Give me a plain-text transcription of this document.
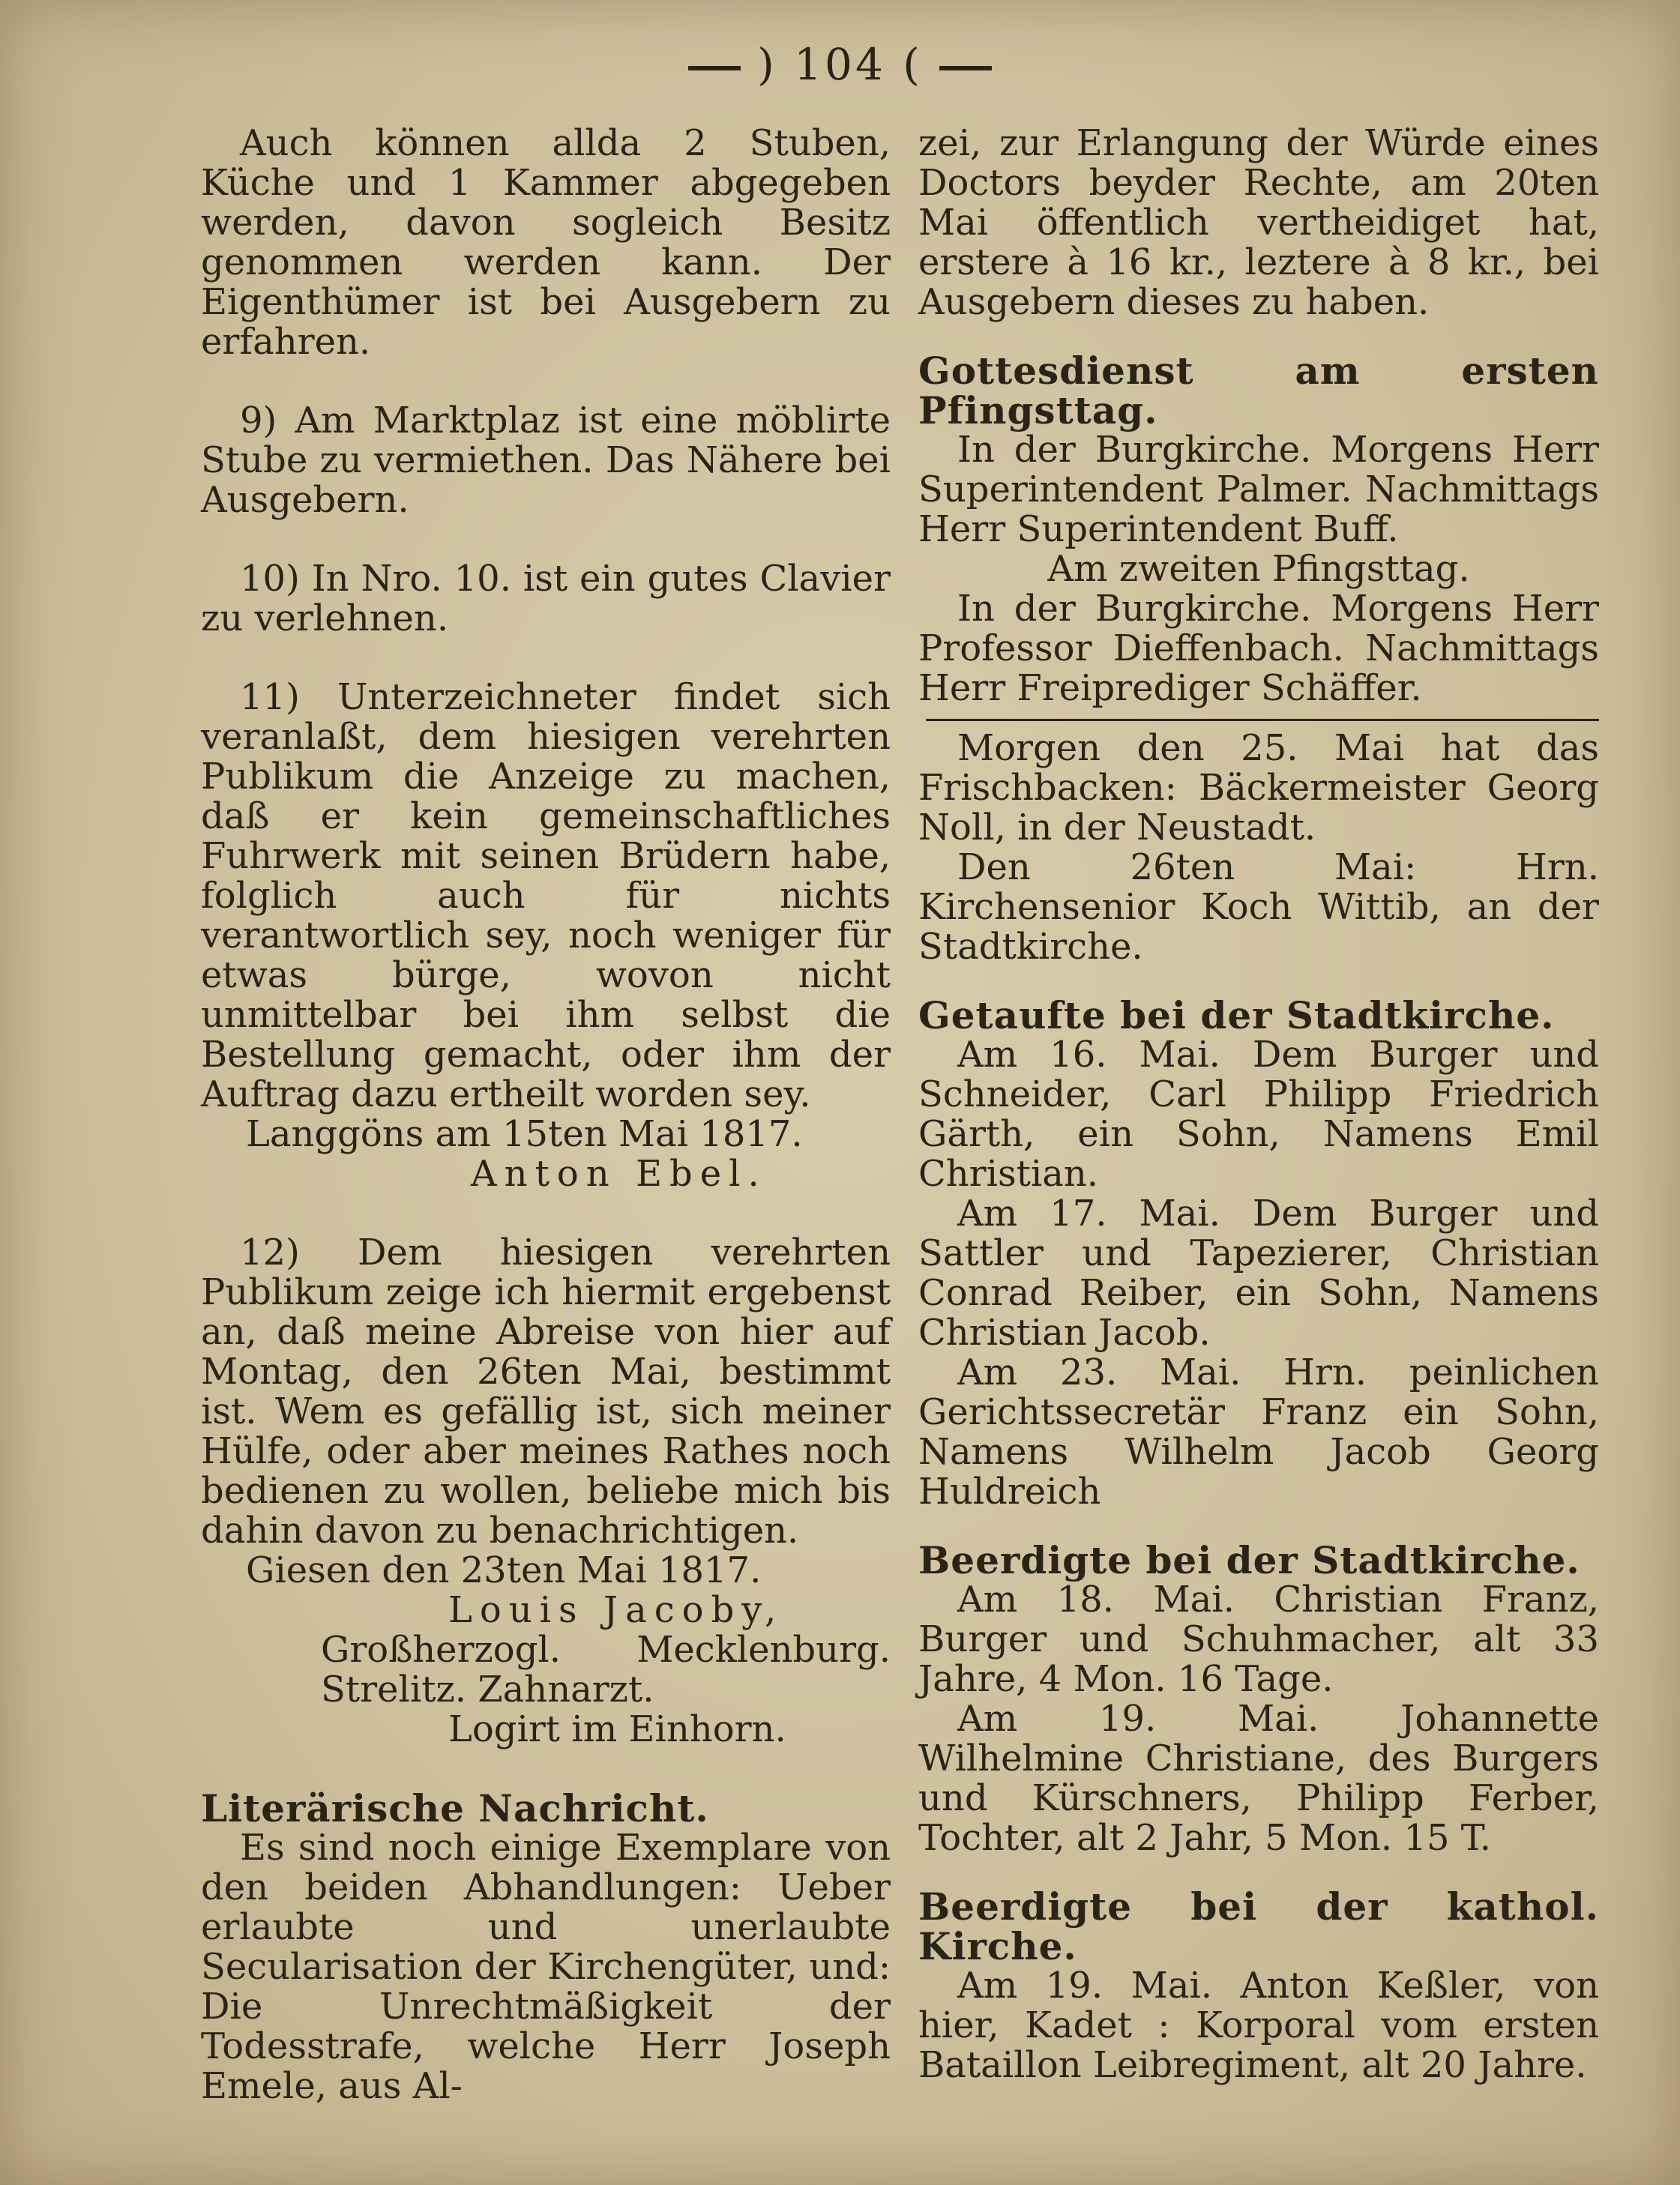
) 104 (

Auch können allda 2 Stuben, Küche und 1 Kammer abgegeben werden, davon sogleich Besitz genommen werden kann. Der Eigenthümer ist bei Ausgebern zu erfahren.

9) Am Marktplaz ist eine möblirte Stube zu vermiethen. Das Nähere bei Ausgebern.

10) In Nro. 10. ist ein gutes Clavier zu verlehnen.

11) Unterzeichneter findet sich veranlaßt, dem hiesigen verehrten Publikum die Anzeige zu machen, daß er kein gemeinschaftliches Fuhrwerk mit seinen Brüdern habe, folglich auch für nichts verantwortlich sey, noch weniger für etwas bürge, wovon nicht unmittelbar bei ihm selbst die Bestellung gemacht, oder ihm der Auftrag dazu ertheilt worden sey.

Langgöns am 15ten Mai 1817.

Anton Ebel.

12) Dem hiesigen verehrten Publikum zeige ich hiermit ergebenst an, daß meine Abreise von hier auf Montag, den 26ten Mai, bestimmt ist. Wem es gefällig ist, sich meiner Hülfe, oder aber meines Rathes noch bedienen zu wollen, beliebe mich bis dahin davon zu benachrichtigen.

Giesen den 23ten Mai 1817.

Louis Jacoby,

Großherzogl. Mecklenburg. Strelitz. Zahnarzt.

Logirt im Einhorn.

Literärische Nachricht.

Es sind noch einige Exemplare von den beiden Abhandlungen: Ueber erlaubte und unerlaubte Secularisation der Kirchengüter, und: Die Unrechtmäßigkeit der Todesstrafe, welche Herr Joseph Emele, aus Al-

zei, zur Erlangung der Würde eines Doctors beyder Rechte, am 20ten Mai öffentlich vertheidiget hat, erstere à 16 kr., leztere à 8 kr., bei Ausgebern dieses zu haben.

Gottesdienst am ersten Pfingsttag.

In der Burgkirche. Morgens Herr Superintendent Palmer. Nachmittags Herr Superintendent Buff.

Am zweiten Pfingsttag.

In der Burgkirche. Morgens Herr Professor Dieffenbach. Nachmittags Herr Freiprediger Schäffer.

Morgen den 25. Mai hat das Frischbacken: Bäckermeister Georg Noll, in der Neustadt.

Den 26ten Mai: Hrn. Kirchensenior Koch Wittib, an der Stadtkirche.

Getaufte bei der Stadtkirche.

Am 16. Mai. Dem Burger und Schneider, Carl Philipp Friedrich Gärth, ein Sohn, Namens Emil Christian.

Am 17. Mai. Dem Burger und Sattler und Tapezierer, Christian Conrad Reiber, ein Sohn, Namens Christian Jacob.

Am 23. Mai. Hrn. peinlichen Gerichtssecretär Franz ein Sohn, Namens Wilhelm Jacob Georg Huldreich

Beerdigte bei der Stadtkirche.

Am 18. Mai. Christian Franz, Burger und Schuhmacher, alt 33 Jahre, 4 Mon. 16 Tage.

Am 19. Mai. Johannette Wilhelmine Christiane, des Burgers und Kürschners, Philipp Ferber, Tochter, alt 2 Jahr, 5 Mon. 15 T.

Beerdigte bei der kathol. Kirche.

Am 19. Mai. Anton Keßler, von hier, Kadet : Korporal vom ersten Bataillon Leibregiment, alt 20 Jahre.
